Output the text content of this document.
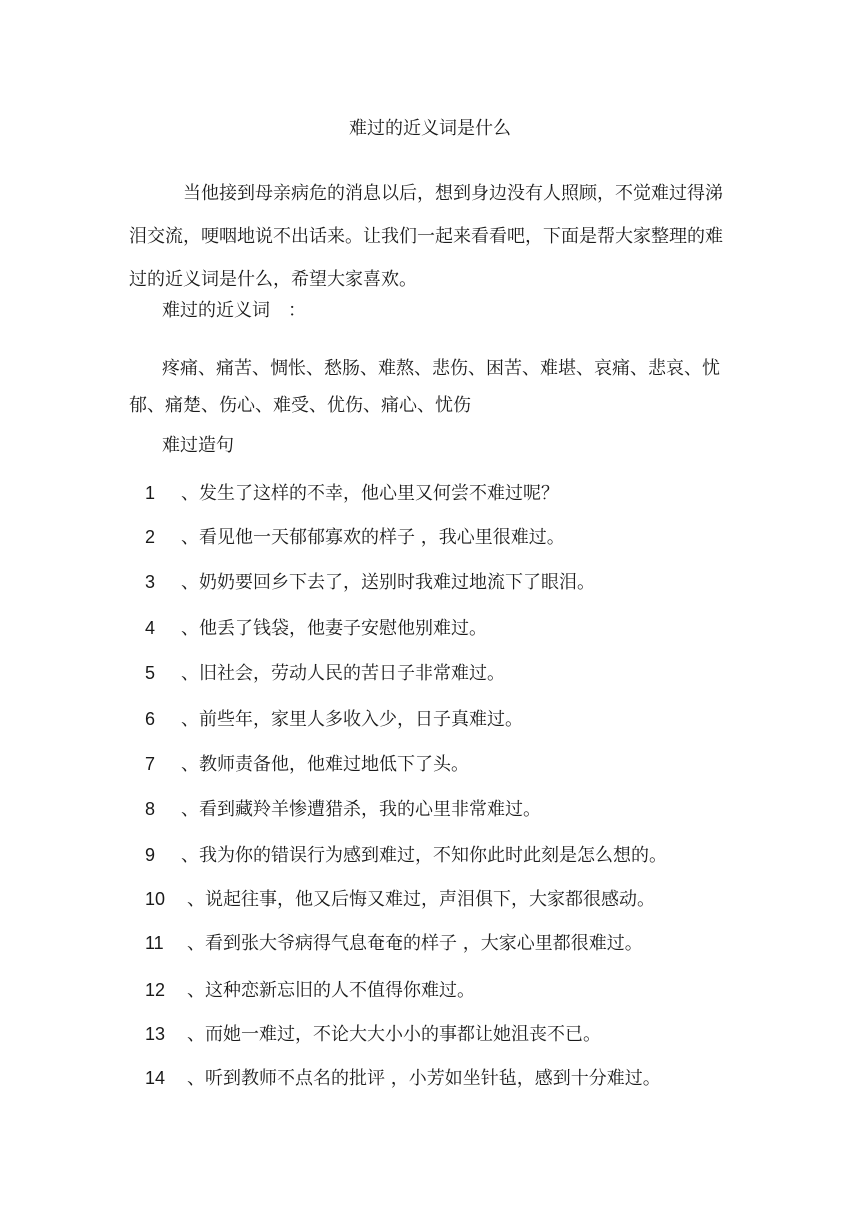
难过的近义词是什么

当他接到母亲病危的消息以后，想到身边没有人照顾，不觉难过得涕泪交流，哽咽地说不出话来。让我们一起来看看吧，下面是帮大家整理的难过的近义词是什么，希望大家喜欢。

难过的近义词　：

疼痛、痛苦、惆怅、愁肠、难熬、悲伤、困苦、难堪、哀痛、悲哀、忧郁、痛楚、伤心、难受、优伤、痛心、忧伤

难过造句
1 、发生了这样的不幸，他心里又何尝不难过呢？
2 、看见他一天郁郁寡欢的样子 ，我心里很难过。
3 、奶奶要回乡下去了，送别时我难过地流下了眼泪。
4 、他丢了钱袋，他妻子安慰他别难过。
5 、旧社会，劳动人民的苦日子非常难过。
6 、前些年，家里人多收入少，日子真难过。
7 、教师责备他，他难过地低下了头。
8 、看到藏羚羊惨遭猎杀，我的心里非常难过。
9 、我为你的错误行为感到难过，不知你此时此刻是怎么想的。
10 、说起往事，他又后悔又难过，声泪俱下，大家都很感动。
11 、看到张大爷病得气息奄奄的样子 ，大家心里都很难过。
12 、这种恋新忘旧的人不值得你难过。
13 、而她一难过，不论大大小小的事都让她沮丧不已。
14 、听到教师不点名的批评 ，小芳如坐针毡，感到十分难过。
